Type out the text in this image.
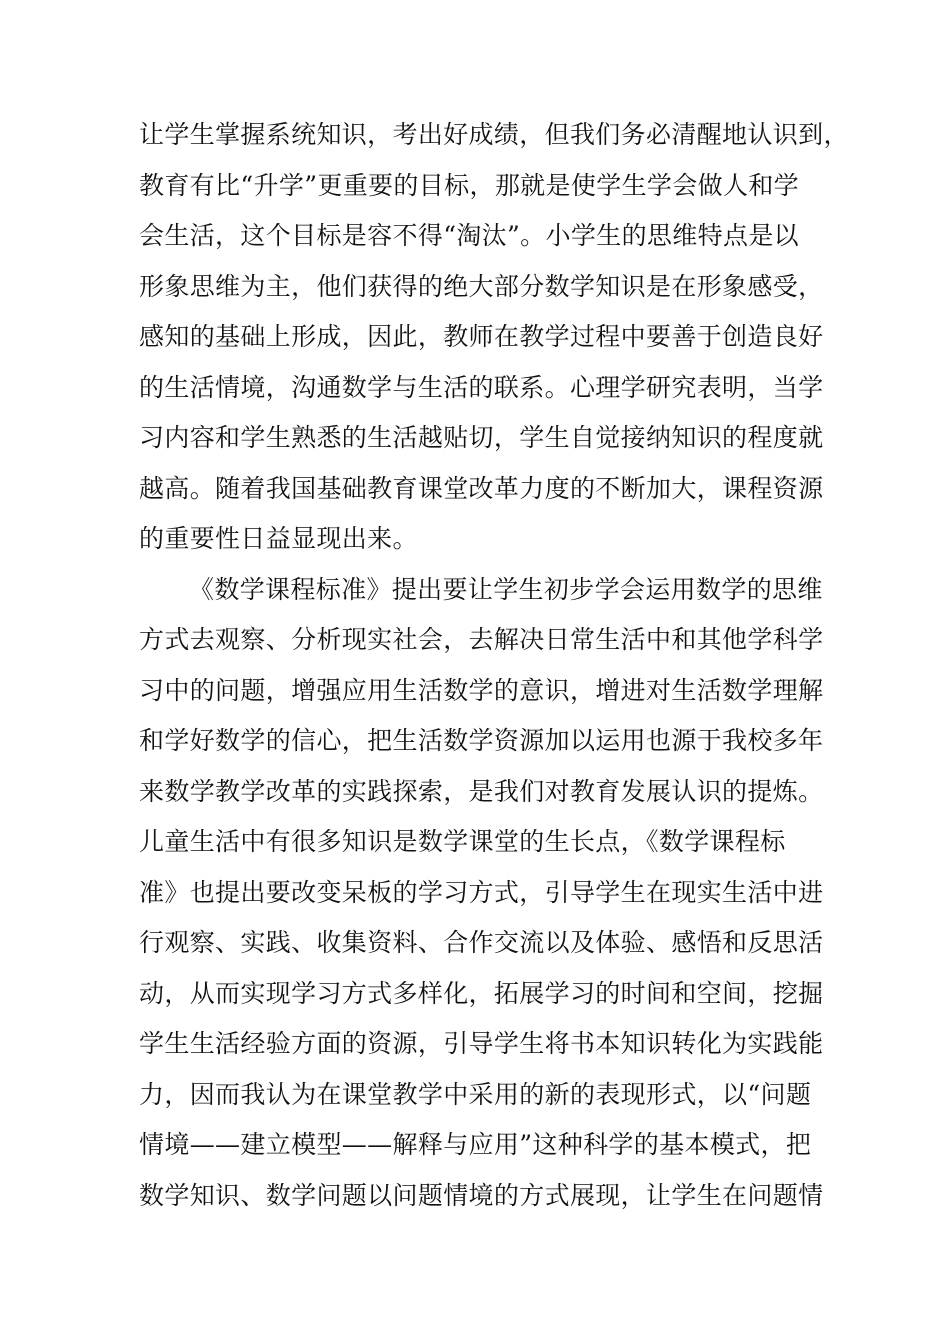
让学生掌握系统知识，考出好成绩，但我们务必清醒地认识到，
教育有比“升学”更重要的目标，那就是使学生学会做人和学
会生活，这个目标是容不得“淘汰”。小学生的思维特点是以
形象思维为主，他们获得的绝大部分数学知识是在形象感受，
感知的基础上形成，因此，教师在教学过程中要善于创造良好
的生活情境，沟通数学与生活的联系。心理学研究表明，当学
习内容和学生熟悉的生活越贴切，学生自觉接纳知识的程度就
越高。随着我国基础教育课堂改革力度的不断加大，课程资源
的重要性日益显现出来。
《数学课程标准》提出要让学生初步学会运用数学的思维
方式去观察、分析现实社会，去解决日常生活中和其他学科学
习中的问题，增强应用生活数学的意识，增进对生活数学理解
和学好数学的信心，把生活数学资源加以运用也源于我校多年
来数学教学改革的实践探索，是我们对教育发展认识的提炼。
儿童生活中有很多知识是数学课堂的生长点，《数学课程标
准》也提出要改变呆板的学习方式，引导学生在现实生活中进
行观察、实践、收集资料、合作交流以及体验、感悟和反思活
动，从而实现学习方式多样化，拓展学习的时间和空间，挖掘
学生生活经验方面的资源，引导学生将书本知识转化为实践能
力，因而我认为在课堂教学中采用的新的表现形式，以“问题
情境——建立模型——解释与应用”这种科学的基本模式，把
数学知识、数学问题以问题情境的方式展现，让学生在问题情
